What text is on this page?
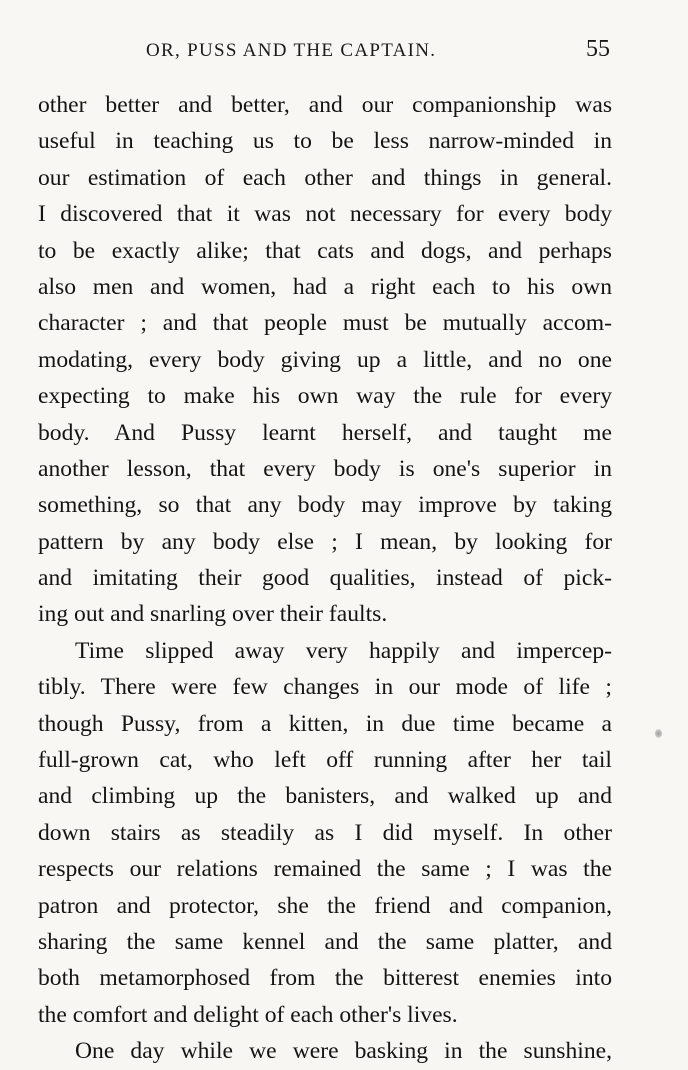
OR, PUSS AND THE CAPTAIN.	55
other better and better, and our companionship was
useful in teaching us to be less narrow-minded in
our estimation of each other and things in general.
I discovered that it was not necessary for every body
to be exactly alike; that cats and dogs, and perhaps
also men and women, had a right each to his own
character ; and that people must be mutually accom-
modating, every body giving up a little, and no one
expecting to make his own way the rule for every
body. And Pussy learnt herself, and taught me
another lesson, that every body is one's superior in
something, so that any body may improve by taking
pattern by any body else ; I mean, by looking for
and imitating their good qualities, instead of pick-
ing out and snarling over their faults.
Time slipped away very happily and impercep-
tibly. There were few changes in our mode of life ;
though Pussy, from a kitten, in due time became a
full-grown cat, who left off running after her tail
and climbing up the banisters, and walked up and
down stairs as steadily as I did myself. In other
respects our relations remained the same ; I was the
patron and protector, she the friend and companion,
sharing the same kennel and the same platter, and
both metamorphosed from the bitterest enemies into
the comfort and delight of each other's lives.
One day while we were basking in the sunshine,
